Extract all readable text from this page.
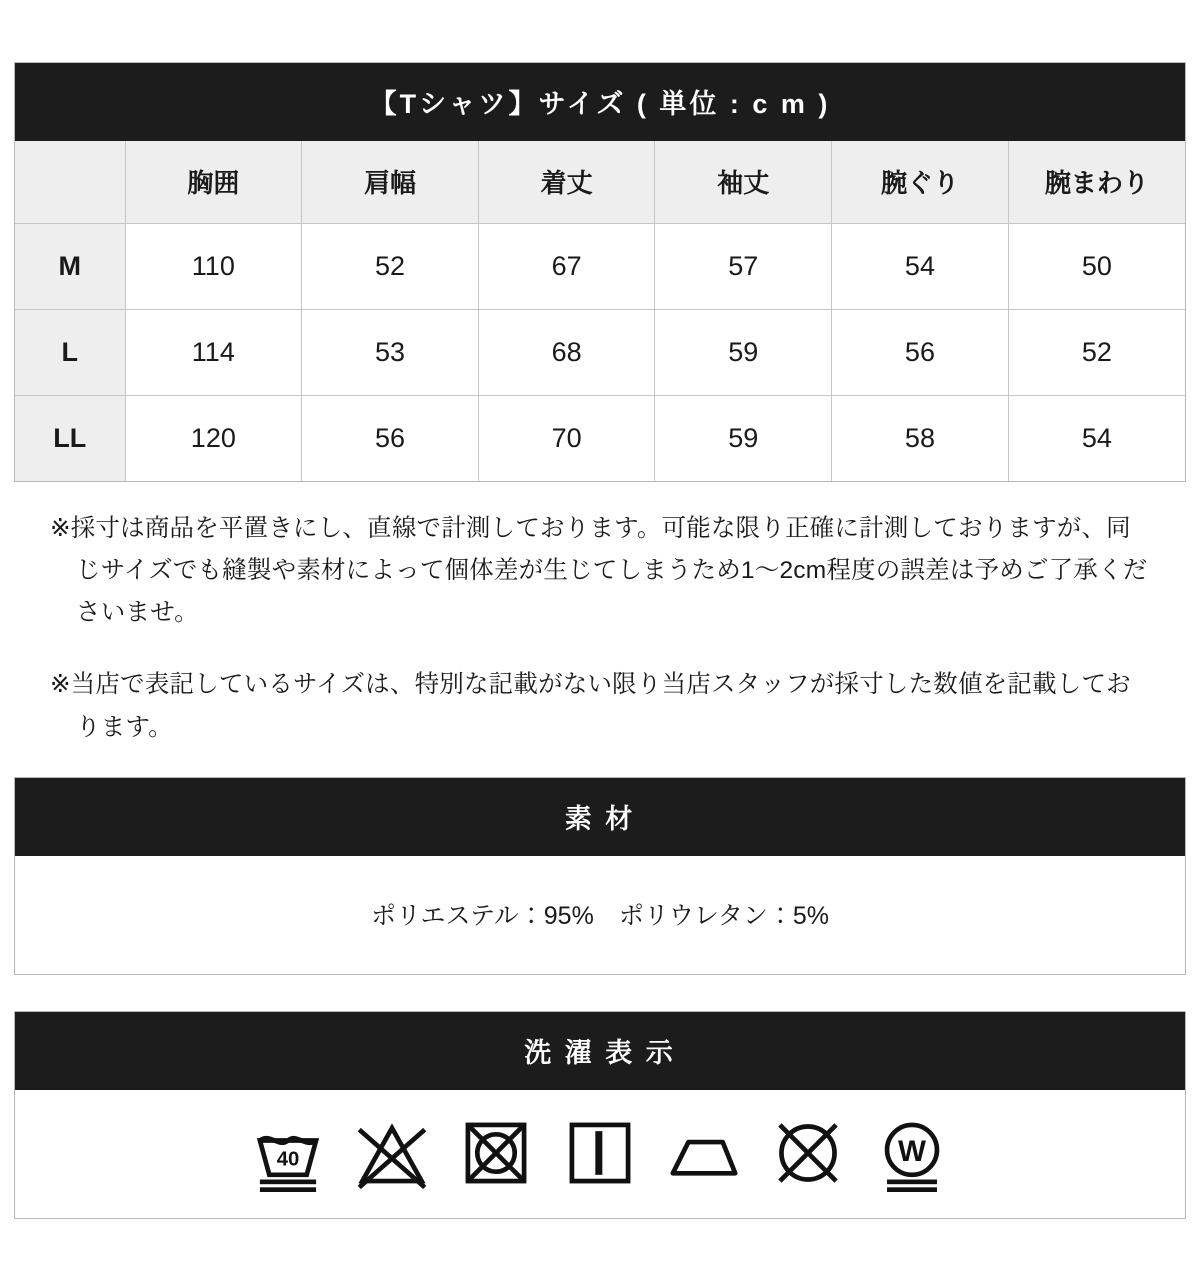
【Tシャツ】サイズ ( 単位 : c m )
	胸囲	肩幅	着丈	袖丈	腕ぐり	腕まわり
M	110	52	67	57	54	50
L	114	53	68	59	56	52
LL	120	56	70	59	58	54

※採寸は商品を平置きにし、直線で計測しております。可能な限り正確に計測しておりますが、同じサイズでも縫製や素材によって個体差が生じてしまうため1〜2cm程度の誤差は予めご了承くださいませ。

※当店で表記しているサイズは、特別な記載がない限り当店スタッフが採寸した数値を記載しております。

素 材
ポリエステル：95%　ポリウレタン：5%
洗 濯 表 示
40	W
